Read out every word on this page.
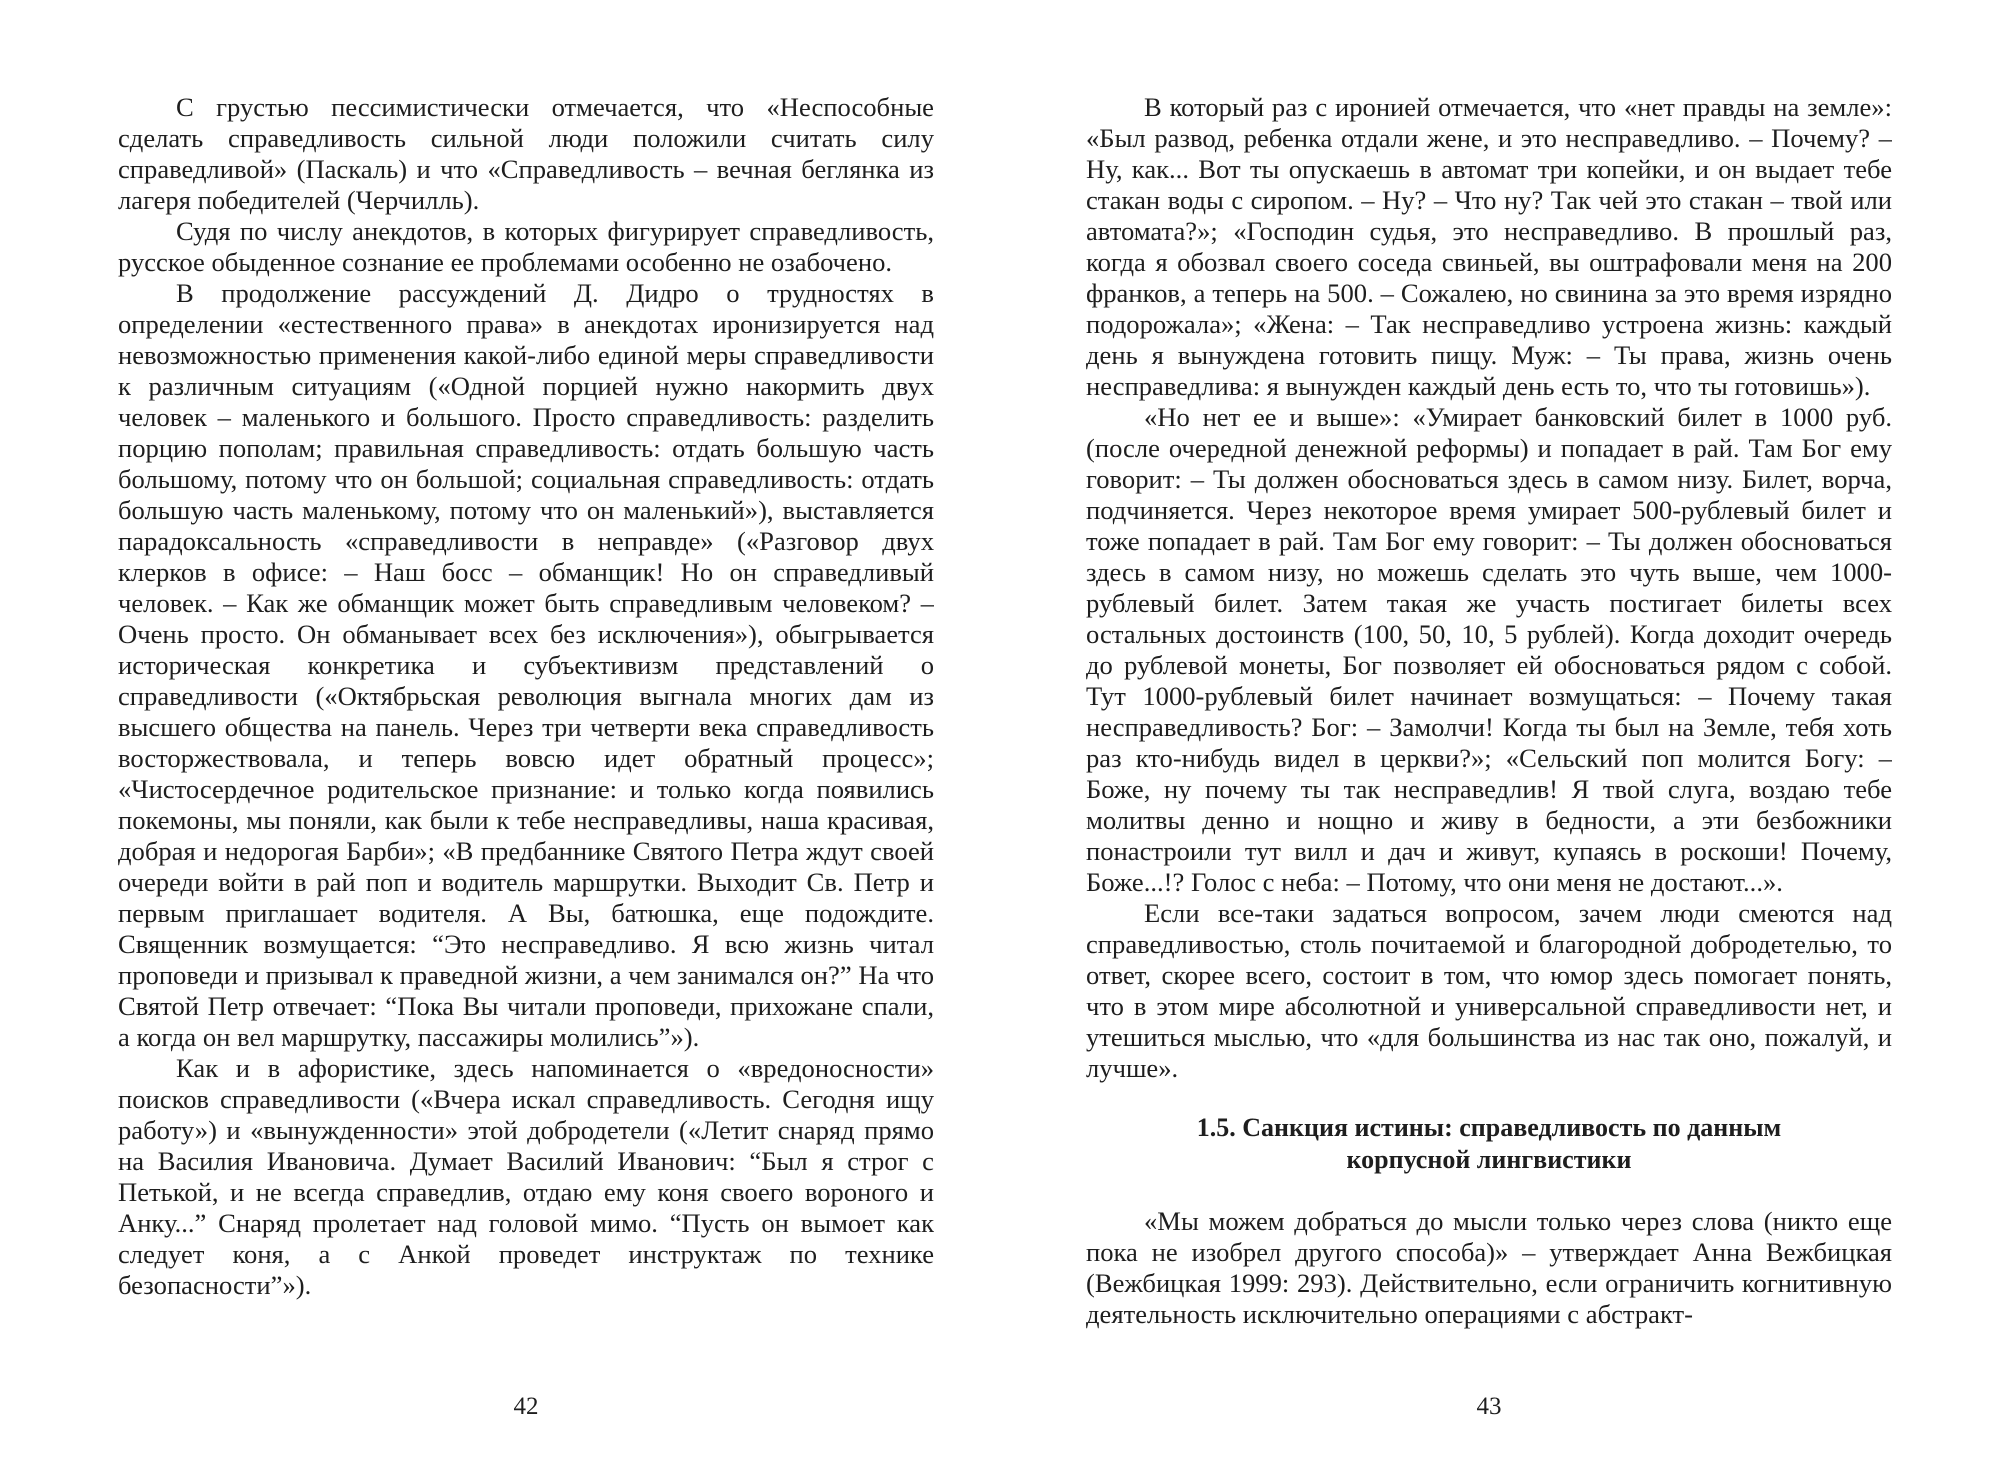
С грустью пессимистически отмечается, что «Неспособные сделать справедливость сильной люди положили считать силу справедливой» (Паскаль) и что «Справедливость – вечная беглянка из лагеря победителей (Черчилль).

Судя по числу анекдотов, в которых фигурирует справедливость, русское обыденное сознание ее проблемами особенно не озабочено.

В продолжение рассуждений Д. Дидро о трудностях в определении «естественного права» в анекдотах иронизируется над невозможностью применения какой-либо единой меры справедливости к различным ситуациям («Одной порцией нужно накормить двух человек – маленького и большого. Просто справедливость: разделить порцию пополам; правильная справедливость: отдать большую часть большому, потому что он большой; социальная справедливость: отдать большую часть маленькому, потому что он маленький»), выставляется парадоксальность «справедливости в неправде» («Разговор двух клерков в офисе: – Наш босс – обманщик! Но он справедливый человек. – Как же обманщик может быть справедливым человеком? – Очень просто. Он обманывает всех без исключения»), обыгрывается историческая конкретика и субъективизм представлений о справедливости («Октябрьская революция выгнала многих дам из высшего общества на панель. Через три четверти века справедливость восторжествовала, и теперь вовсю идет обратный процесс»; «Чистосердечное родительское признание: и только когда появились покемоны, мы поняли, как были к тебе несправедливы, наша красивая, добрая и недорогая Барби»; «В предбаннике Святого Петра ждут своей очереди войти в рай поп и водитель маршрутки. Выходит Св. Петр и первым приглашает водителя. А Вы, батюшка, еще подождите. Священник возмущается: “Это несправедливо. Я всю жизнь читал проповеди и призывал к праведной жизни, а чем занимался он?” На что Святой Петр отвечает: “Пока Вы читали проповеди, прихожане спали, а когда он вел маршрутку, пассажиры молились”»).

Как и в афористике, здесь напоминается о «вредоносности» поисков справедливости («Вчера искал справедливость. Сегодня ищу работу») и «вынужденности» этой добродетели («Летит снаряд прямо на Василия Ивановича. Думает Василий Иванович: “Был я строг с Петькой, и не всегда справедлив, отдаю ему коня своего вороного и Анку...” Снаряд пролетает над головой мимо. “Пусть он вымоет как следует коня, а с Анкой проведет инструктаж по технике безопасности”»).

42

В который раз с иронией отмечается, что «нет правды на земле»: «Был развод, ребенка отдали жене, и это несправедливо. – Почему? – Ну, как... Вот ты опускаешь в автомат три копейки, и он выдает тебе стакан воды с сиропом. – Ну? – Что ну? Так чей это стакан – твой или автомата?»; «Господин судья, это несправедливо. В прошлый раз, когда я обозвал своего соседа свиньей, вы оштрафовали меня на 200 франков, а теперь на 500. – Сожалею, но свинина за это время изрядно подорожала»; «Жена: – Так несправедливо устроена жизнь: каждый день я вынуждена готовить пищу. Муж: – Ты права, жизнь очень несправедлива: я вынужден каждый день есть то, что ты готовишь»).

«Но нет ее и выше»: «Умирает банковский билет в 1000 руб. (после очередной денежной реформы) и попадает в рай. Там Бог ему говорит: – Ты должен обосноваться здесь в самом низу. Билет, ворча, подчиняется. Через некоторое время умирает 500-рублевый билет и тоже попадает в рай. Там Бог ему говорит: – Ты должен обосноваться здесь в самом низу, но можешь сделать это чуть выше, чем 1000-рублевый билет. Затем такая же участь постигает билеты всех остальных достоинств (100, 50, 10, 5 рублей). Когда доходит очередь до рублевой монеты, Бог позволяет ей обосноваться рядом с собой. Тут 1000-рублевый билет начинает возмущаться: – Почему такая несправедливость? Бог: – Замолчи! Когда ты был на Земле, тебя хоть раз кто-нибудь видел в церкви?»; «Сельский поп молится Богу: – Боже, ну почему ты так несправедлив! Я твой слуга, воздаю тебе молитвы денно и нощно и живу в бедности, а эти безбожники понастроили тут вилл и дач и живут, купаясь в роскоши! Почему, Боже...!? Голос с неба: – Потому, что они меня не достают...».

Если все-таки задаться вопросом, зачем люди смеются над справедливостью, столь почитаемой и благородной добродетелью, то ответ, скорее всего, состоит в том, что юмор здесь помогает понять, что в этом мире абсолютной и универсальной справедливости нет, и утешиться мыслью, что «для большинства из нас так оно, пожалуй, и лучше».

1.5. Санкция истины: справедливость по данным
корпусной лингвистики

«Мы можем добраться до мысли только через слова (никто еще пока не изобрел другого способа)» – утверждает Анна Вежбицкая (Вежбицкая 1999: 293). Действительно, если ограничить когнитивную деятельность исключительно операциями с абстракт-

43
